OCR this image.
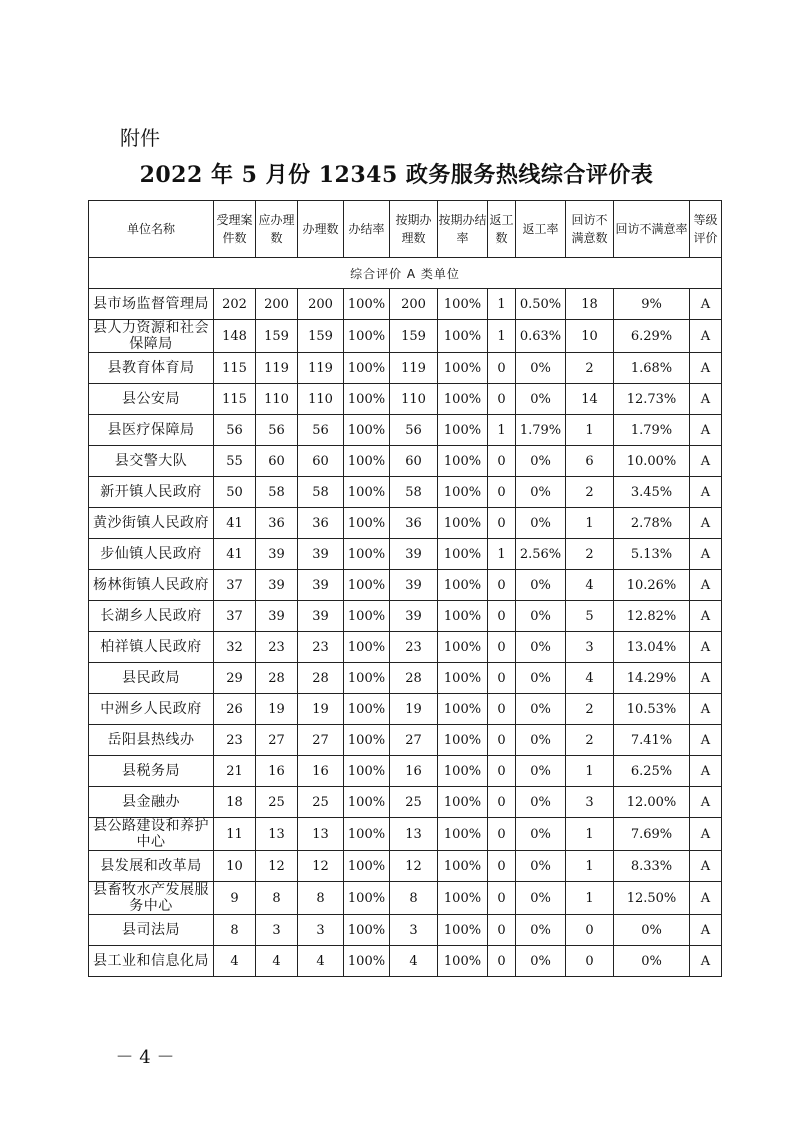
附件
2022 年 5 月份 12345 政务服务热线综合评价表
单位名称	受理案件数	应办理数	办理数	办结率	按期办理数	按期办结率	返工数	返工率	回访不满意数	回访不满意率	等级评价
综合评价 A 类单位											
县市场监督管理局	202	200	200	100%	200	100%	1	0.50%	18	9%	A
县人力资源和社会保障局	148	159	159	100%	159	100%	1	0.63%	10	6.29%	A
县教育体育局	115	119	119	100%	119	100%	0	0%	2	1.68%	A
县公安局	115	110	110	100%	110	100%	0	0%	14	12.73%	A
县医疗保障局	56	56	56	100%	56	100%	1	1.79%	1	1.79%	A
县交警大队	55	60	60	100%	60	100%	0	0%	6	10.00%	A
新开镇人民政府	50	58	58	100%	58	100%	0	0%	2	3.45%	A
黄沙街镇人民政府	41	36	36	100%	36	100%	0	0%	1	2.78%	A
步仙镇人民政府	41	39	39	100%	39	100%	1	2.56%	2	5.13%	A
杨林街镇人民政府	37	39	39	100%	39	100%	0	0%	4	10.26%	A
长湖乡人民政府	37	39	39	100%	39	100%	0	0%	5	12.82%	A
柏祥镇人民政府	32	23	23	100%	23	100%	0	0%	3	13.04%	A
县民政局	29	28	28	100%	28	100%	0	0%	4	14.29%	A
中洲乡人民政府	26	19	19	100%	19	100%	0	0%	2	10.53%	A
岳阳县热线办	23	27	27	100%	27	100%	0	0%	2	7.41%	A
县税务局	21	16	16	100%	16	100%	0	0%	1	6.25%	A
县金融办	18	25	25	100%	25	100%	0	0%	3	12.00%	A
县公路建设和养护中心	11	13	13	100%	13	100%	0	0%	1	7.69%	A
县发展和改革局	10	12	12	100%	12	100%	0	0%	1	8.33%	A
县畜牧水产发展服务中心	9	8	8	100%	8	100%	0	0%	1	12.50%	A
县司法局	8	3	3	100%	3	100%	0	0%	0	0%	A
县工业和信息化局	4	4	4	100%	4	100%	0	0%	0	0%	A
－ 4 －
